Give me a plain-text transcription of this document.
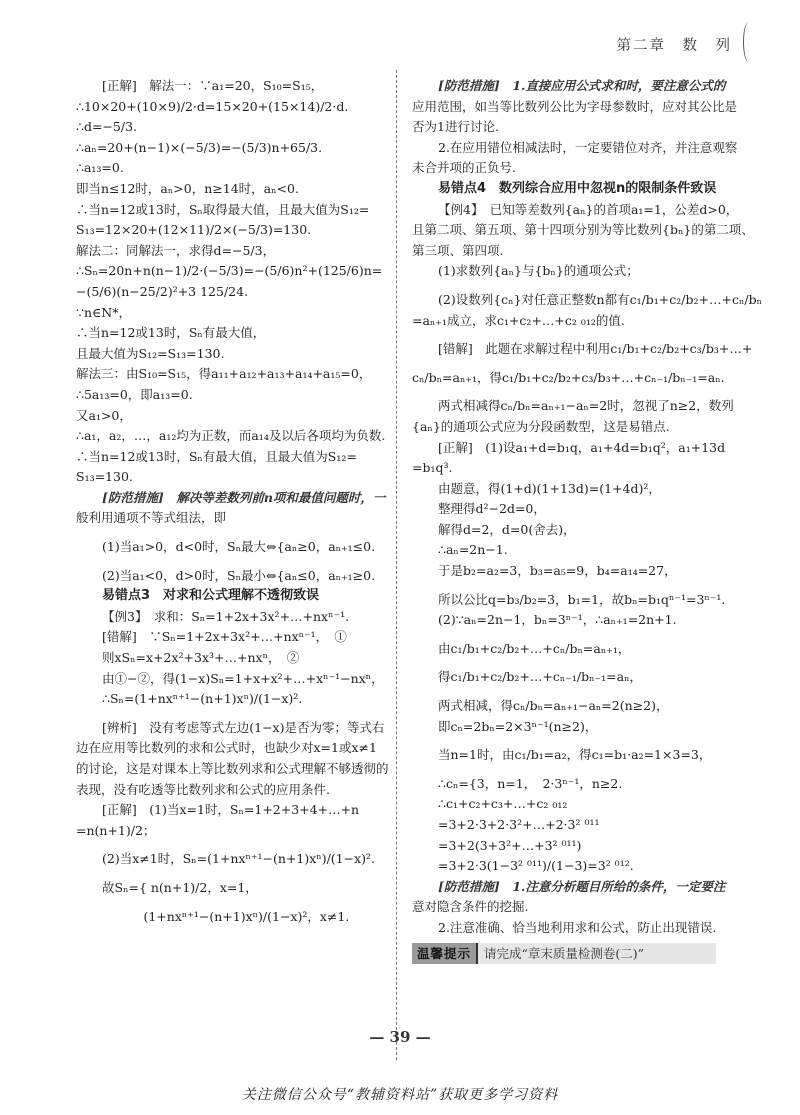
第二章　数　列
[正解]　解法一：∵a₁=20，S₁₀=S₁₅，
∴10×20+(10×9)/2·d=15×20+(15×14)/2·d.
∴d=−5/3.
∴aₙ=20+(n−1)×(−5/3)=−(5/3)n+65/3.
∴a₁₃=0.
即当n≤12时，aₙ>0，n≥14时，aₙ<0.
∴当n=12或13时，Sₙ取得最大值，且最大值为S₁₂=
S₁₃=12×20+(12×11)/2×(−5/3)=130.
解法二：同解法一，求得d=−5/3，
∴Sₙ=20n+n(n−1)/2·(−5/3)=−(5/6)n²+(125/6)n=
−(5/6)(n−25/2)²+3 125/24.
∵n∈N*，
∴当n=12或13时，Sₙ有最大值，
且最大值为S₁₂=S₁₃=130.
解法三：由S₁₀=S₁₅，得a₁₁+a₁₂+a₁₃+a₁₄+a₁₅=0，
∴5a₁₃=0，即a₁₃=0.
又a₁>0，
∴a₁，a₂，…，a₁₂均为正数，而a₁₄及以后各项均为负数.
∴当n=12或13时，Sₙ有最大值，且最大值为S₁₂=
S₁₃=130.
[防范措施]　解决等差数列前n项和最值问题时，一
般利用通项不等式组法，即
(1)当a₁>0，d<0时，Sₙ最大⇔{aₙ≥0，aₙ₊₁≤0.
(2)当a₁<0，d>0时，Sₙ最小⇔{aₙ≤0，aₙ₊₁≥0.
易错点3　对求和公式理解不透彻致误
【例3】　求和：Sₙ=1+2x+3x²+…+nxⁿ⁻¹.
[错解]　∵Sₙ=1+2x+3x²+…+nxⁿ⁻¹，　①
则xSₙ=x+2x²+3x³+…+nxⁿ，　②
由①−②，得(1−x)Sₙ=1+x+x²+…+xⁿ⁻¹−nxⁿ，
∴Sₙ=(1+nxⁿ⁺¹−(n+1)xⁿ)/(1−x)².
[辨析]　没有考虑等式左边(1−x)是否为零；等式右
边在应用等比数列的求和公式时，也缺少对x=1或x≠1
的讨论，这是对课本上等比数列求和公式理解不够透彻的
表现，没有吃透等比数列求和公式的应用条件.
[正解]　(1)当x=1时，Sₙ=1+2+3+4+…+n
=n(n+1)/2；
(2)当x≠1时，Sₙ=(1+nxⁿ⁺¹−(n+1)xⁿ)/(1−x)².
故Sₙ={ n(n+1)/2，x=1，
　　　 (1+nxⁿ⁺¹−(n+1)xⁿ)/(1−x)²，x≠1.
[防范措施]　1.直接应用公式求和时，要注意公式的
应用范围，如当等比数列公比为字母参数时，应对其公比是
否为1进行讨论.
2.在应用错位相减法时，一定要错位对齐，并注意观察
未合并项的正负号.
易错点4　数列综合应用中忽视n的限制条件致误
【例4】　已知等差数列{aₙ}的首项a₁=1，公差d>0，
且第二项、第五项、第十四项分别为等比数列{bₙ}的第二项、
第三项、第四项.
(1)求数列{aₙ}与{bₙ}的通项公式；
(2)设数列{cₙ}对任意正整数n都有c₁/b₁+c₂/b₂+…+cₙ/bₙ
=aₙ₊₁成立，求c₁+c₂+…+c₂ ₀₁₂的值.
[错解]　此题在求解过程中利用c₁/b₁+c₂/b₂+c₃/b₃+…+
cₙ/bₙ=aₙ₊₁，得c₁/b₁+c₂/b₂+c₃/b₃+…+cₙ₋₁/bₙ₋₁=aₙ.
两式相减得cₙ/bₙ=aₙ₊₁−aₙ=2时，忽视了n≥2，数列
{aₙ}的通项公式应为分段函数型，这是易错点.
[正解]　(1)设a₁+d=b₁q，a₁+4d=b₁q²，a₁+13d
=b₁q³.
由题意，得(1+d)(1+13d)=(1+4d)²，
整理得d²−2d=0，
解得d=2，d=0(舍去)，
∴aₙ=2n−1.
于是b₂=a₂=3，b₃=a₅=9，b₄=a₁₄=27，
所以公比q=b₃/b₂=3，b₁=1，故bₙ=b₁qⁿ⁻¹=3ⁿ⁻¹.
(2)∵aₙ=2n−1，bₙ=3ⁿ⁻¹，∴aₙ₊₁=2n+1.
由c₁/b₁+c₂/b₂+…+cₙ/bₙ=aₙ₊₁，
得c₁/b₁+c₂/b₂+…+cₙ₋₁/bₙ₋₁=aₙ，
两式相减，得cₙ/bₙ=aₙ₊₁−aₙ=2(n≥2)，
即cₙ=2bₙ=2×3ⁿ⁻¹(n≥2)，
当n=1时，由c₁/b₁=a₂，得c₁=b₁·a₂=1×3=3，
∴cₙ={3，n=1，　2·3ⁿ⁻¹，n≥2.
∴c₁+c₂+c₃+…+c₂ ₀₁₂
=3+2·3+2·3²+…+2·3² ⁰¹¹
=3+2(3+3²+…+3² ⁰¹¹)
=3+2·3(1−3² ⁰¹¹)/(1−3)=3² ⁰¹².
[防范措施]　1.注意分析题目所给的条件，一定要注
意对隐含条件的挖掘.
2.注意准确、恰当地利用求和公式，防止出现错误.
温馨提示	请完成“章末质量检测卷(二)”
— 39 —
关注微信公众号“教辅资料站”获取更多学习资料
